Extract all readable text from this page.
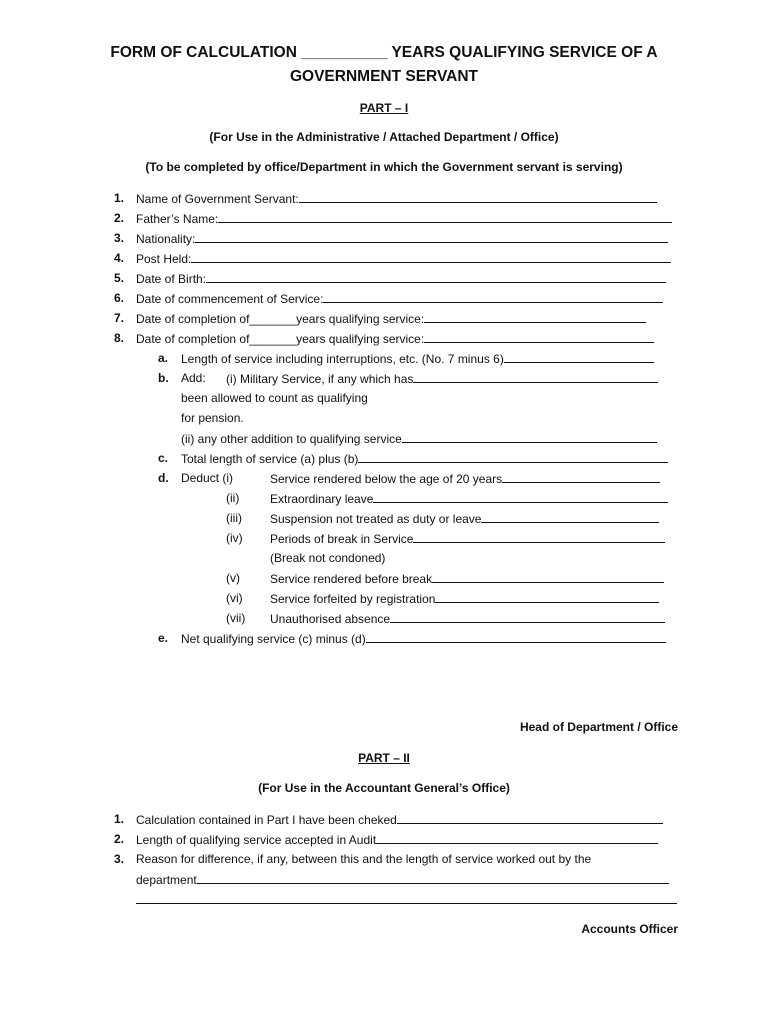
FORM OF CALCULATION __________ YEARS QUALIFYING SERVICE OF A
GOVERNMENT SERVANT
PART – I
(For Use in the Administrative / Attached Department / Office)
(To be completed by office/Department in which the Government servant is serving)
1. Name of Government Servant:
2. Father’s Name:
3. Nationality:
4. Post Held:
5. Date of Birth:
6. Date of commencement of Service:
7. Date of completion of_______years qualifying service:
8. Date of completion of_______years qualifying service:
a. Length of service including interruptions, etc. (No. 7 minus 6)
b. Add: (i) Military Service, if any which has
been allowed to count as qualifying
for pension.
(ii) any other addition to qualifying service
c. Total length of service (a) plus (b)
d. Deduct (i)	Service rendered below the age of 20 years
(ii)	Extraordinary leave
(iii) Suspension not treated as duty or leave
(iv) Periods of break in Service
(Break not condoned)
(v)	Service rendered before break
(vi) Service forfeited by registration
(vii) Unauthorised absence
e. Net qualifying service (c) minus (d)
Head of Department / Office
PART – II
(For Use in the Accountant General’s Office)
1. Calculation contained in Part I have been cheked
2. Length of qualifying service accepted in Audit
3. Reason for difference, if any, between this and the length of service worked out by the
department
Accounts Officer
